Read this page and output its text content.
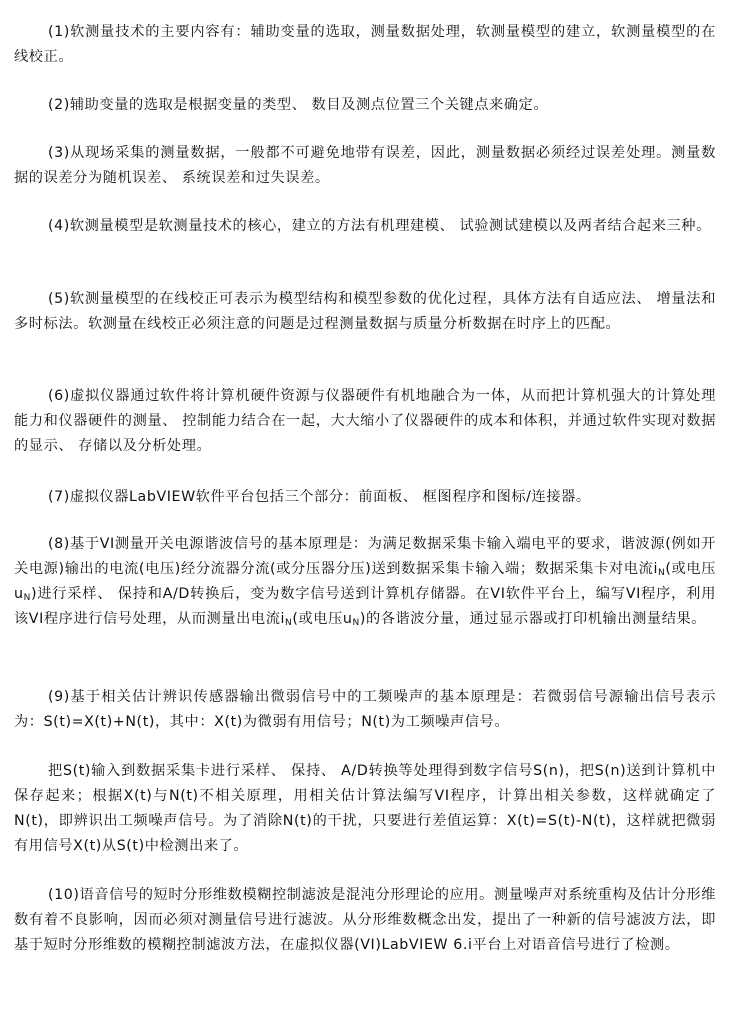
(1)软测量技术的主要内容有：辅助变量的选取，测量数据处理，软测量模型的建立，软测量模型的在线校正。

(2)辅助变量的选取是根据变量的类型、 数目及测点位置三个关键点来确定。

(3)从现场采集的测量数据，一般都不可避免地带有误差，因此，测量数据必须经过误差处理。测量数据的误差分为随机误差、 系统误差和过失误差。

(4)软测量模型是软测量技术的核心，建立的方法有机理建模、 试验测试建模以及两者结合起来三种。

(5)软测量模型的在线校正可表示为模型结构和模型参数的优化过程，具体方法有自适应法、 增量法和多时标法。软测量在线校正必须注意的问题是过程测量数据与质量分析数据在时序上的匹配。

(6)虚拟仪器通过软件将计算机硬件资源与仪器硬件有机地融合为一体，从而把计算机强大的计算处理能力和仪器硬件的测量、 控制能力结合在一起，大大缩小了仪器硬件的成本和体积，并通过软件实现对数据的显示、 存储以及分析处理。

(7)虚拟仪器LabVIEW软件平台包括三个部分：前面板、 框图程序和图标/连接器。

(8)基于VI测量开关电源谐波信号的基本原理是：为满足数据采集卡输入端电平的要求，谐波源(例如开关电源)输出的电流(电压)经分流器分流(或分压器分压)送到数据采集卡输入端；数据采集卡对电流$i_N$(或电压$u_N$)进行采样、 保持和A/D转换后，变为数字信号送到计算机存储器。在VI软件平台上，编写VI程序，利用该VI程序进行信号处理，从而测量出电流$i_N$(或电压$u_N$)的各谐波分量，通过显示器或打印机输出测量结果。

(9)基于相关估计辨识传感器输出微弱信号中的工频噪声的基本原理是：若微弱信号源输出信号表示为：S(t)=X(t)+N(t)，其中：X(t)为微弱有用信号；N(t)为工频噪声信号。

把S(t)输入到数据采集卡进行采样、 保持、 A/D转换等处理得到数字信号S(n)，把S(n)送到计算机中保存起来；根据X(t)与N(t)不相关原理，用相关估计算法编写VI程序，计算出相关参数，这样就确定了N(t)，即辨识出工频噪声信号。为了消除N(t)的干扰，只要进行差值运算：X(t)=S(t)-N(t)，这样就把微弱有用信号X(t)从S(t)中检测出来了。

(10)语音信号的短时分形维数模糊控制滤波是混沌分形理论的应用。测量噪声对系统重构及估计分形维数有着不良影响，因而必须对测量信号进行滤波。从分形维数概念出发，提出了一种新的信号滤波方法，即基于短时分形维数的模糊控制滤波方法，在虚拟仪器(VI)LabVIEW 6.i平台上对语音信号进行了检测。
